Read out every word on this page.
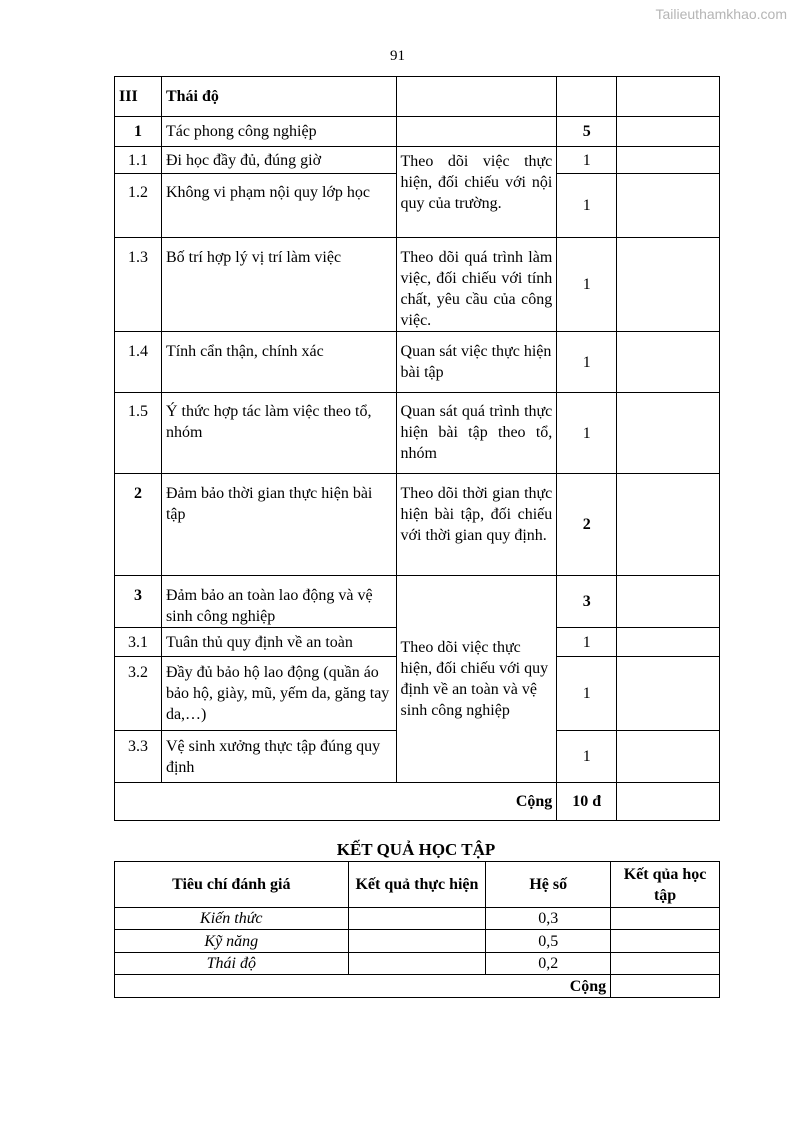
Tailieuthamkhao.com
91
III	Thái độ			
1	Tác phong công nghiệp		5	
1.1	Đi học đầy đủ, đúng giờ	Theo dõi việc thực hiện, đối chiếu với nội quy của trường.	1	
1.2	Không vi phạm nội quy lớp học		1	
1.3	Bố trí hợp lý vị trí làm việc	Theo dõi quá trình làm việc, đối chiếu với tính chất, yêu cầu của công việc.	1	
1.4	Tính cẩn thận, chính xác	Quan sát việc thực hiện bài tập	1	
1.5	Ý thức hợp tác làm việc theo tổ, nhóm	Quan sát quá trình thực hiện bài tập theo tổ, nhóm	1	
2	Đảm bảo thời gian thực hiện bài tập	Theo dõi thời gian thực hiện bài tập, đối chiếu với thời gian quy định.	2	
3	Đảm bảo an toàn lao động và vệ sinh công nghiệp	Theo dõi việc thực hiện, đối chiếu với quy định về an toàn và vệ sinh công nghiệp	3	
3.1	Tuân thủ quy định về an toàn		1	
3.2	Đầy đủ bảo hộ lao động (quần áo bảo hộ, giày, mũ, yếm da, găng tay da,…)		1	
3.3	Vệ sinh xưởng thực tập đúng quy định		1	
Cộng			10 đ	
KẾT QUẢ HỌC TẬP
Tiêu chí đánh giá	Kết quả thực hiện	Hệ số	Kết qủa học tập
Kiến thức		0,3	
Kỹ năng		0,5	
Thái độ		0,2	
Cộng			
